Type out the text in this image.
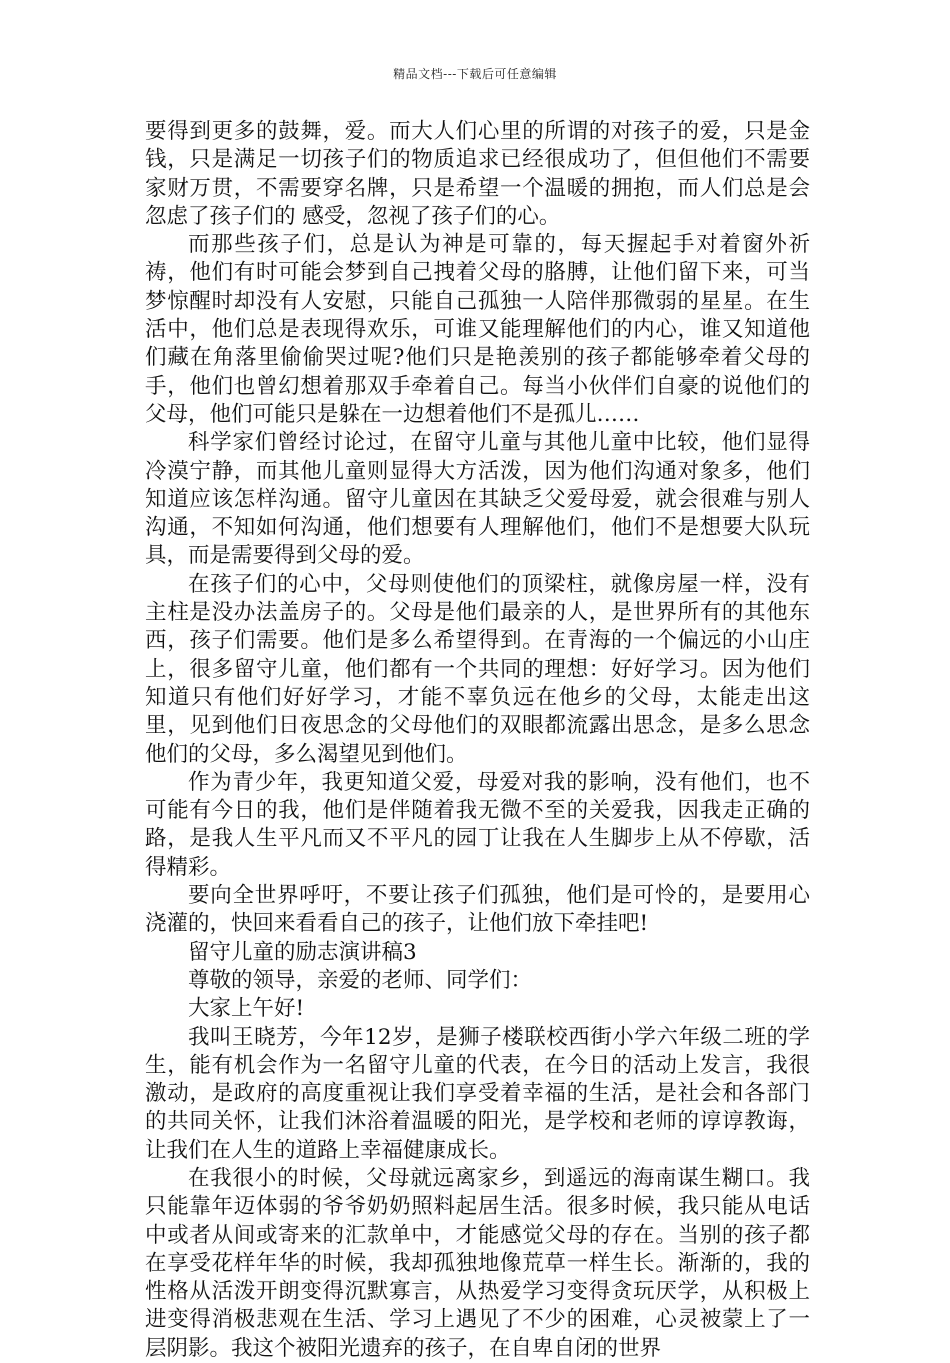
精品文档---下载后可任意编辑

要得到更多的鼓舞，爱。而大人们心里的所谓的对孩子的爱，只是金钱，只是满足一切孩子们的物质追求已经很成功了，但但他们不需要家财万贯，不需要穿名牌，只是希望一个温暖的拥抱，而人们总是会忽虑了孩子们的 感受，忽视了孩子们的心。

而那些孩子们，总是认为神是可靠的，每天握起手对着窗外祈祷，他们有时可能会梦到自己拽着父母的胳膊，让他们留下来，可当梦惊醒时却没有人安慰，只能自己孤独一人陪伴那微弱的星星。在生活中，他们总是表现得欢乐，可谁又能理解他们的内心，谁又知道他们藏在角落里偷偷哭过呢?他们只是艳羡别的孩子都能够牵着父母的手，他们也曾幻想着那双手牵着自己。每当小伙伴们自豪的说他们的父母，他们可能只是躲在一边想着他们不是孤儿……

科学家们曾经讨论过，在留守儿童与其他儿童中比较，他们显得冷漠宁静，而其他儿童则显得大方活泼，因为他们沟通对象多，他们知道应该怎样沟通。留守儿童因在其缺乏父爱母爱，就会很难与别人沟通，不知如何沟通，他们想要有人理解他们，他们不是想要大队玩具，而是需要得到父母的爱。

在孩子们的心中，父母则使他们的顶梁柱，就像房屋一样，没有主柱是没办法盖房子的。父母是他们最亲的人，是世界所有的其他东西，孩子们需要。他们是多么希望得到。在青海的一个偏远的小山庄上，很多留守儿童，他们都有一个共同的理想：好好学习。因为他们知道只有他们好好学习，才能不辜负远在他乡的父母，太能走出这里，见到他们日夜思念的父母他们的双眼都流露出思念，是多么思念他们的父母，多么渴望见到他们。

作为青少年，我更知道父爱，母爱对我的影响，没有他们，也不可能有今日的我，他们是伴随着我无微不至的关爱我，因我走正确的路，是我人生平凡而又不平凡的园丁让我在人生脚步上从不停歇，活得精彩。

要向全世界呼吁，不要让孩子们孤独，他们是可怜的，是要用心浇灌的，快回来看看自己的孩子，让他们放下牵挂吧!

留守儿童的励志演讲稿3

尊敬的领导，亲爱的老师、同学们：

大家上午好!

我叫王晓芳，今年12岁，是狮子楼联校西街小学六年级二班的学生，能有机会作为一名留守儿童的代表，在今日的活动上发言，我很激动，是政府的高度重视让我们享受着幸福的生活，是社会和各部门的共同关怀，让我们沐浴着温暖的阳光，是学校和老师的谆谆教诲，让我们在人生的道路上幸福健康成长。

在我很小的时候，父母就远离家乡，到遥远的海南谋生糊口。我只能靠年迈体弱的爷爷奶奶照料起居生活。很多时候，我只能从电话中或者从间或寄来的汇款单中，才能感觉父母的存在。当别的孩子都在享受花样年华的时候，我却孤独地像荒草一样生长。渐渐的，我的性格从活泼开朗变得沉默寡言，从热爱学习变得贪玩厌学，从积极上进变得消极悲观在生活、学习上遇见了不少的困难，心灵被蒙上了一层阴影。我这个被阳光遗弃的孩子，在自卑自闭的世界
